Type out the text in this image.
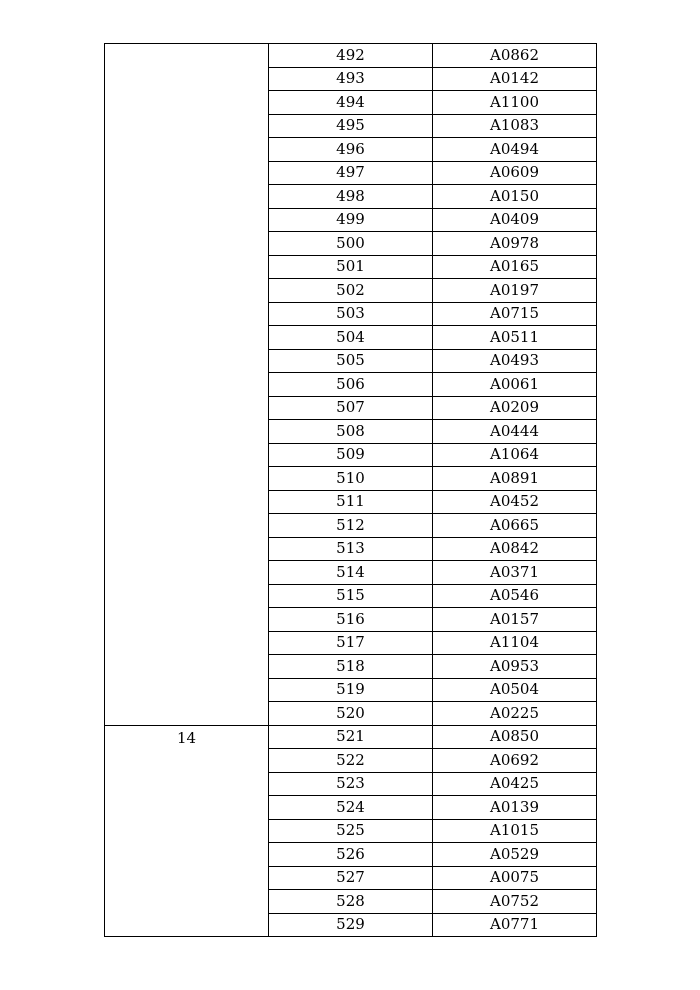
	492	A0862
	493	A0142
	494	A1100
	495	A1083
	496	A0494
	497	A0609
	498	A0150
	499	A0409
	500	A0978
	501	A0165
	502	A0197
	503	A0715
	504	A0511
	505	A0493
	506	A0061
	507	A0209
	508	A0444
	509	A1064
	510	A0891
	511	A0452
	512	A0665
	513	A0842
	514	A0371
	515	A0546
	516	A0157
	517	A1104
	518	A0953
	519	A0504
	520	A0225
14	521	A0850
	522	A0692
	523	A0425
	524	A0139
	525	A1015
	526	A0529
	527	A0075
	528	A0752
	529	A0771
